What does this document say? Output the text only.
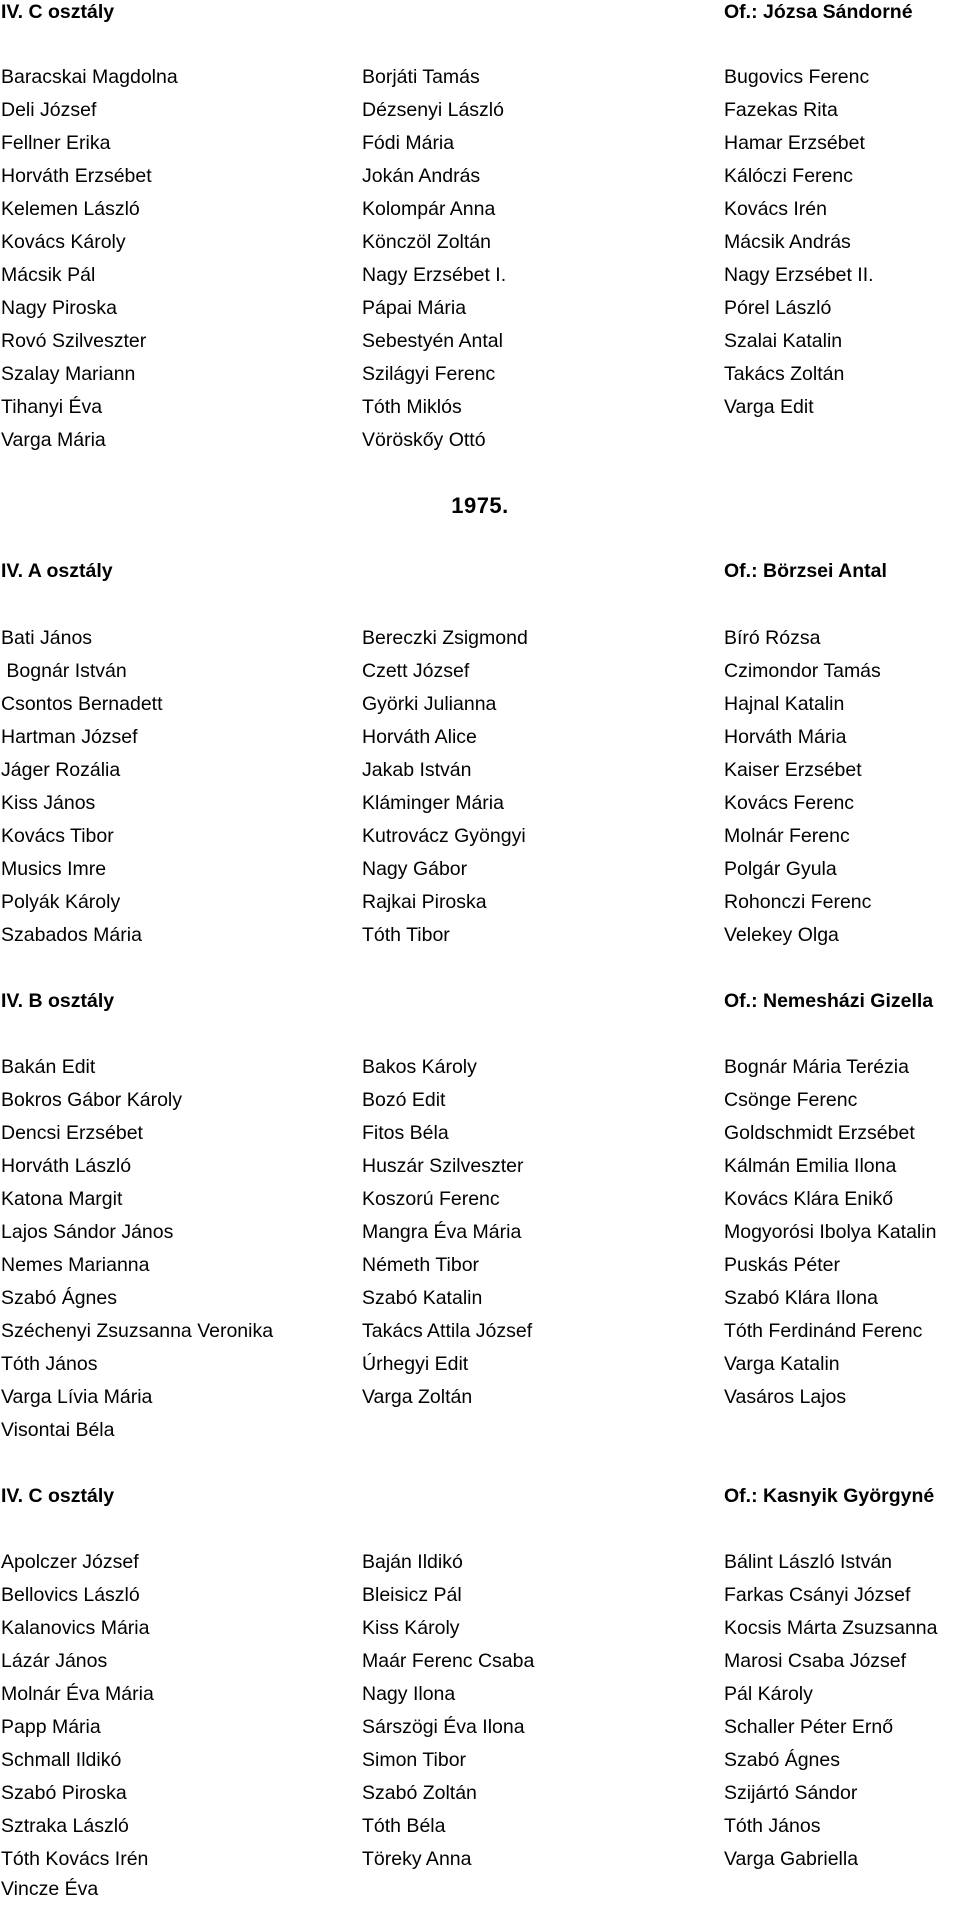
IV. C osztály	Of.: Józsa Sándorné
Baracskai Magdolna	Borjáti Tamás	Bugovics Ferenc
Deli József	Dézsenyi László	Fazekas Rita
Fellner Erika	Fódi Mária	Hamar Erzsébet
Horváth Erzsébet	Jokán András	Kálóczi Ferenc
Kelemen László	Kolompár Anna	Kovács Irén
Kovács Károly	Könczöl Zoltán	Mácsik András
Mácsik Pál	Nagy Erzsébet I.	Nagy Erzsébet II.
Nagy Piroska	Pápai Mária	Pórel László
Rovó Szilveszter	Sebestyén Antal	Szalai Katalin
Szalay Mariann	Szilágyi Ferenc	Takács Zoltán
Tihanyi Éva	Tóth Miklós	Varga Edit
Varga Mária	Vöröskőy Ottó
1975.
IV. A osztály	Of.: Börzsei Antal
Bati János	Bereczki Zsigmond	Bíró Rózsa
Bognár István	Czett József	Czimondor Tamás
Csontos Bernadett	Györki Julianna	Hajnal Katalin
Hartman József	Horváth Alice	Horváth Mária
Jáger Rozália	Jakab István	Kaiser Erzsébet
Kiss János	Kláminger Mária	Kovács Ferenc
Kovács Tibor	Kutrovácz Gyöngyi	Molnár Ferenc
Musics Imre	Nagy Gábor	Polgár Gyula
Polyák Károly	Rajkai Piroska	Rohonczi Ferenc
Szabados Mária	Tóth Tibor	Velekey Olga
IV. B osztály	Of.: Nemesházi Gizella
Bakán Edit	Bakos Károly	Bognár Mária Terézia
Bokros Gábor Károly	Bozó Edit	Csönge Ferenc
Dencsi Erzsébet	Fitos Béla	Goldschmidt Erzsébet
Horváth László	Huszár Szilveszter	Kálmán Emilia Ilona
Katona Margit	Koszorú Ferenc	Kovács Klára Enikő
Lajos Sándor János	Mangra Éva Mária	Mogyorósi Ibolya Katalin
Nemes Marianna	Németh Tibor	Puskás Péter
Szabó Ágnes	Szabó Katalin	Szabó Klára Ilona
Széchenyi Zsuzsanna Veronika	Takács Attila József	Tóth Ferdinánd Ferenc
Tóth János	Úrhegyi Edit	Varga Katalin
Varga Lívia Mária	Varga Zoltán	Vasáros Lajos
Visontai Béla
IV. C osztály	Of.: Kasnyik Györgyné
Apolczer József	Baján Ildikó	Bálint László István
Bellovics László	Bleisicz Pál	Farkas Csányi József
Kalanovics Mária	Kiss Károly	Kocsis Márta Zsuzsanna
Lázár János	Maár Ferenc Csaba	Marosi Csaba József
Molnár Éva Mária	Nagy Ilona	Pál Károly
Papp Mária	Sárszögi Éva Ilona	Schaller Péter Ernő
Schmall Ildikó	Simon Tibor	Szabó Ágnes
Szabó Piroska	Szabó Zoltán	Szijártó Sándor
Sztraka László	Tóth Béla	Tóth János
Tóth Kovács Irén	Töreky Anna	Varga Gabriella
Vincze Éva
